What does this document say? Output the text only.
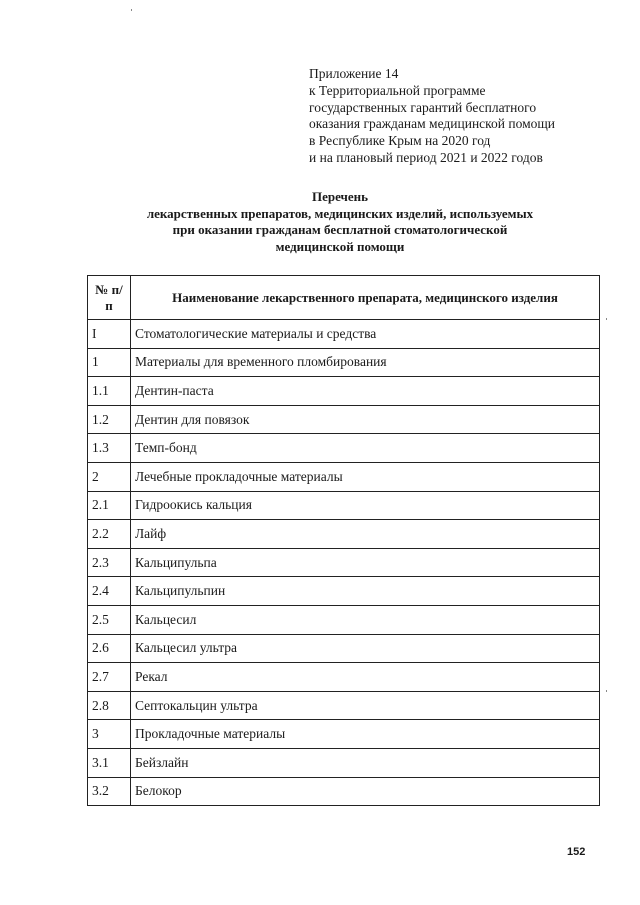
Приложение 14
к Территориальной программе
государственных гарантий бесплатного
оказания гражданам медицинской помощи
в Республике Крым на 2020 год
и на плановый период 2021 и 2022 годов
Перечень
лекарственных препаратов, медицинских изделий, используемых
при оказании гражданам бесплатной стоматологической
медицинской помощи
№ п/п	Наименование лекарственного препарата, медицинского изделия
I	Стоматологические материалы и средства
1	Материалы для временного пломбирования
1.1	Дентин-паста
1.2	Дентин для повязок
1.3	Темп-бонд
2	Лечебные прокладочные материалы
2.1	Гидроокись кальция
2.2	Лайф
2.3	Кальципульпа
2.4	Кальципульпин
2.5	Кальцесил
2.6	Кальцесил ультра
2.7	Рекал
2.8	Септокальцин ультра
3	Прокладочные материалы
3.1	Бейзлайн
3.2	Белокор
152
